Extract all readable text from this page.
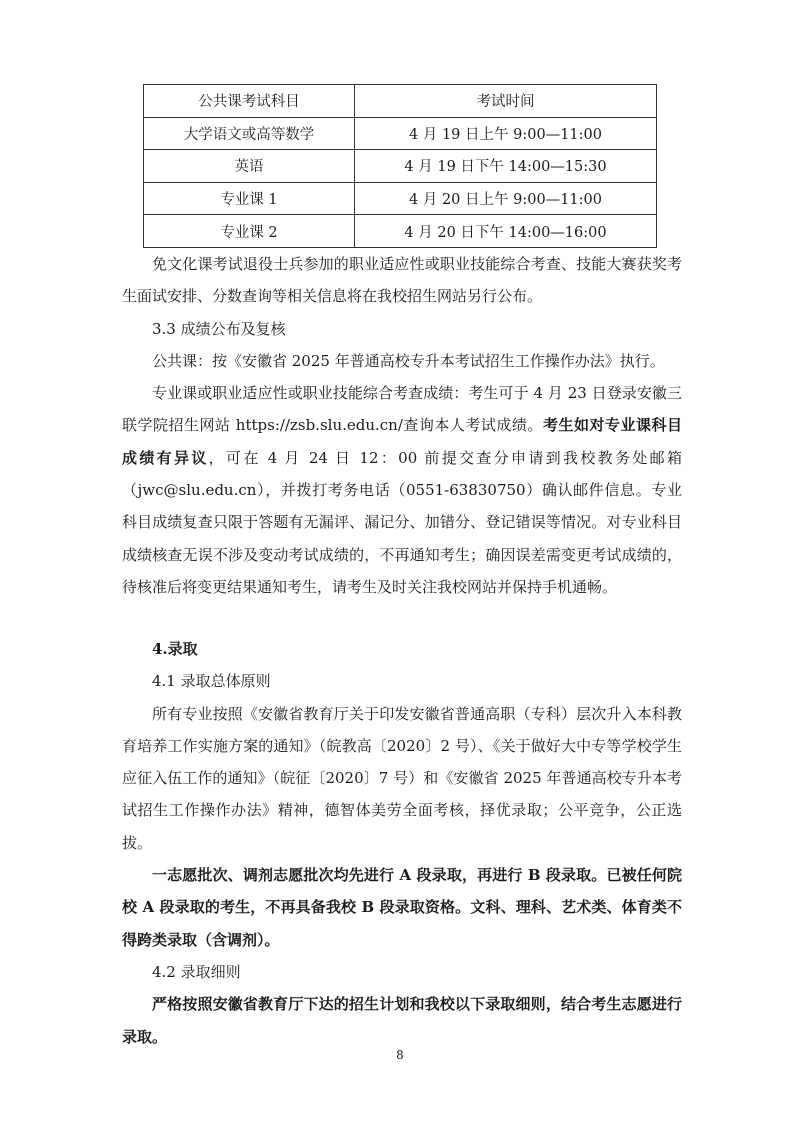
公共课考试科目	考试时间
大学语文或高等数学	4 月 19 日上午 9:00—11:00
英语	4 月 19 日下午 14:00—15:30
专业课 1	4 月 20 日上午 9:00—11:00
专业课 2	4 月 20 日下午 14:00—16:00

免文化课考试退役士兵参加的职业适应性或职业技能综合考查、技能大赛获奖考生面试安排、分数查询等相关信息将在我校招生网站另行公布。

3.3 成绩公布及复核

公共课：按《安徽省 2025 年普通高校专升本考试招生工作操作办法》执行。

专业课或职业适应性或职业技能综合考查成绩：考生可于 4 月 23 日登录安徽三联学院招生网站 https://zsb.slu.edu.cn/查询本人考试成绩。考生如对专业课科目成绩有异议，可在 4 月 24 日 12：00 前提交查分申请到我校教务处邮箱（jwc@slu.edu.cn），并拨打考务电话（0551-63830750）确认邮件信息。专业科目成绩复查只限于答题有无漏评、漏记分、加错分、登记错误等情况。对专业科目成绩核查无误不涉及变动考试成绩的，不再通知考生；确因误差需变更考试成绩的，待核准后将变更结果通知考生，请考生及时关注我校网站并保持手机通畅。

4.录取

4.1 录取总体原则

所有专业按照《安徽省教育厅关于印发安徽省普通高职（专科）层次升入本科教育培养工作实施方案的通知》（皖教高〔2020〕2 号）、《关于做好大中专等学校学生应征入伍工作的通知》（皖征〔2020〕7 号）和《安徽省 2025 年普通高校专升本考试招生工作操作办法》精神，德智体美劳全面考核，择优录取；公平竞争，公正选拔。

一志愿批次、调剂志愿批次均先进行 A 段录取，再进行 B 段录取。已被任何院校 A 段录取的考生，不再具备我校 B 段录取资格。文科、理科、艺术类、体育类不得跨类录取（含调剂）。

4.2 录取细则

严格按照安徽省教育厅下达的招生计划和我校以下录取细则，结合考生志愿进行录取。

8
